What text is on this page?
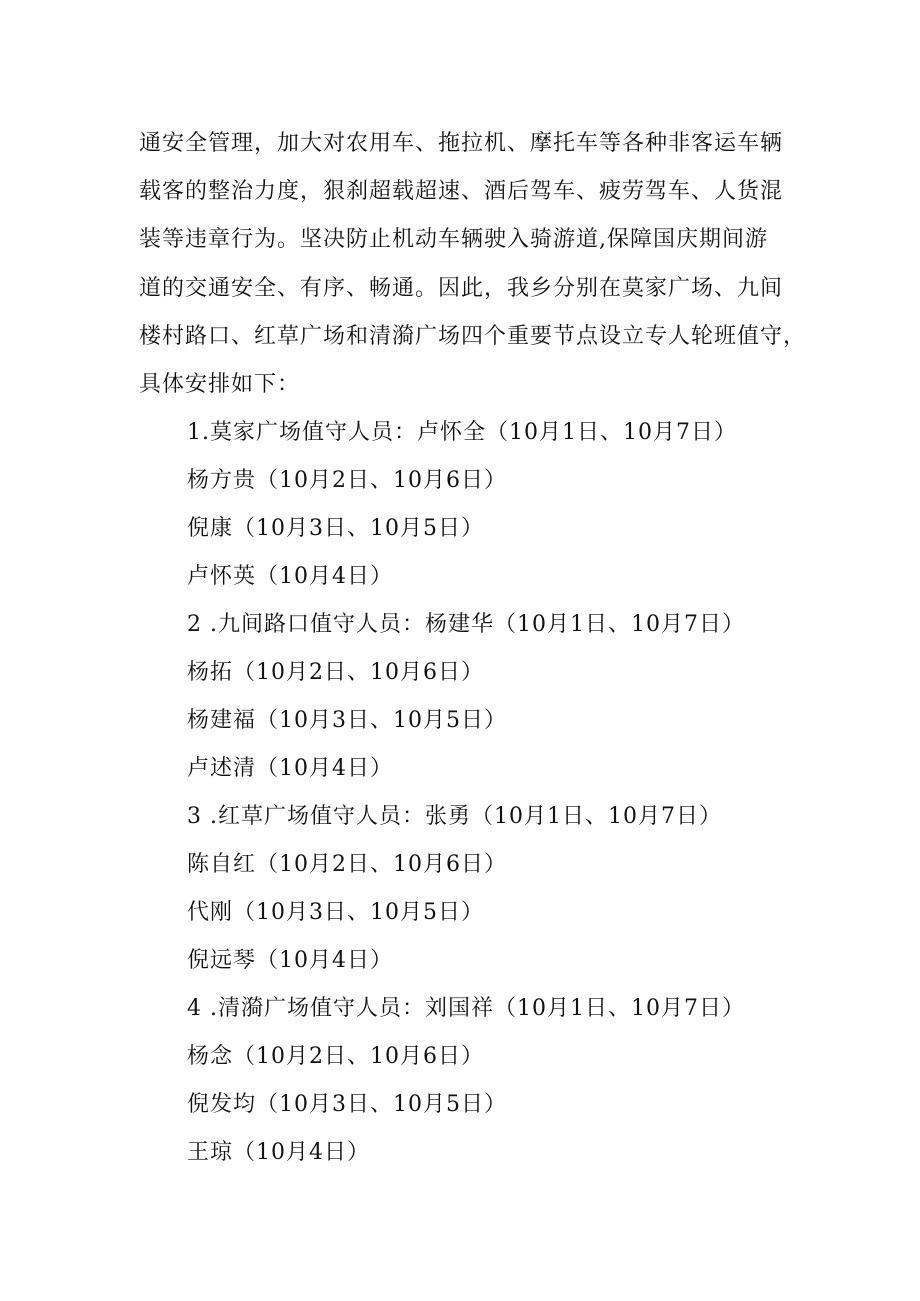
通安全管理，加大对农用车、拖拉机、摩托车等各种非客运车辆
载客的整治力度，狠刹超载超速、酒后驾车、疲劳驾车、人货混
装等违章行为。坚决防止机动车辆驶入骑游道,保障国庆期间游
道的交通安全、有序、畅通。因此，我乡分别在莫家广场、九间
楼村路口、红草广场和清漪广场四个重要节点设立专人轮班值守，
具体安排如下：
1.莫家广场值守人员：卢怀全（10月1日、10月7日）
杨方贵（10月2日、10月6日）
倪康（10月3日、10月5日）
卢怀英（10月4日）
2 .九间路口值守人员：杨建华（10月1日、10月7日）
杨拓（10月2日、10月6日）
杨建福（10月3日、10月5日）
卢述清（10月4日）
3 .红草广场值守人员：张勇（10月1日、10月7日）
陈自红（10月2日、10月6日）
代刚（10月3日、10月5日）
倪远琴（10月4日）
4 .清漪广场值守人员：刘国祥（10月1日、10月7日）
杨念（10月2日、10月6日）
倪发均（10月3日、10月5日）
王琼（10月4日）
